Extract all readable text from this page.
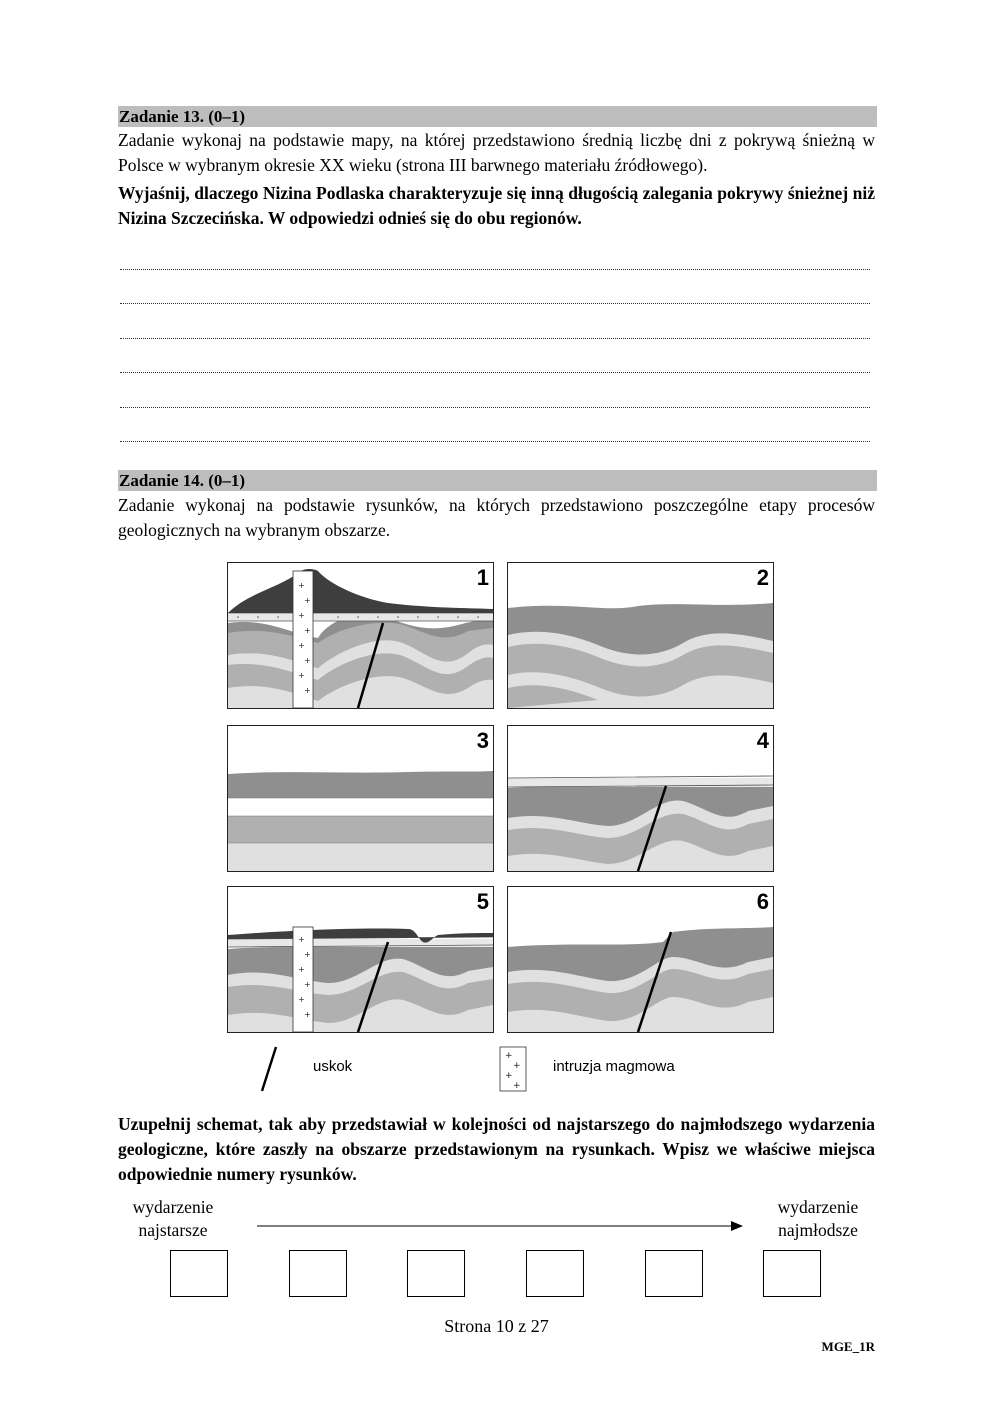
Zadanie 13. (0–1)
Zadanie wykonaj na podstawie mapy, na której przedstawiono średnią liczbę dni z pokrywą śnieżną w Polsce w wybranym okresie XX wieku (strona III barwnego materiału źródłowego).
Wyjaśnij, dlaczego Nizina Podlaska charakteryzuje się inną długością zalegania pokrywy śnieżnej niż Nizina Szczecińska. W odpowiedzi odnieś się do obu regionów.
Zadanie 14. (0–1)
Zadanie wykonaj na podstawie rysunków, na których przedstawiono poszczególne etapy procesów geologicznych na wybranym obszarze.
+
+
+
+
+
+
+
+
1	2
3	4
+
+
+
+
+
+
5	6
uskok
+
+
+
+
intruzja magmowa
Uzupełnij schemat, tak aby przedstawiał w kolejności od najstarszego do najmłodszego wydarzenia geologiczne, które zaszły na obszarze przedstawionym na rysunkach. Wpisz we właściwe miejsca odpowiednie numery rysunków.
wydarzenie
najstarsze
wydarzenie
najmłodsze
Strona 10 z 27
MGE_1R
